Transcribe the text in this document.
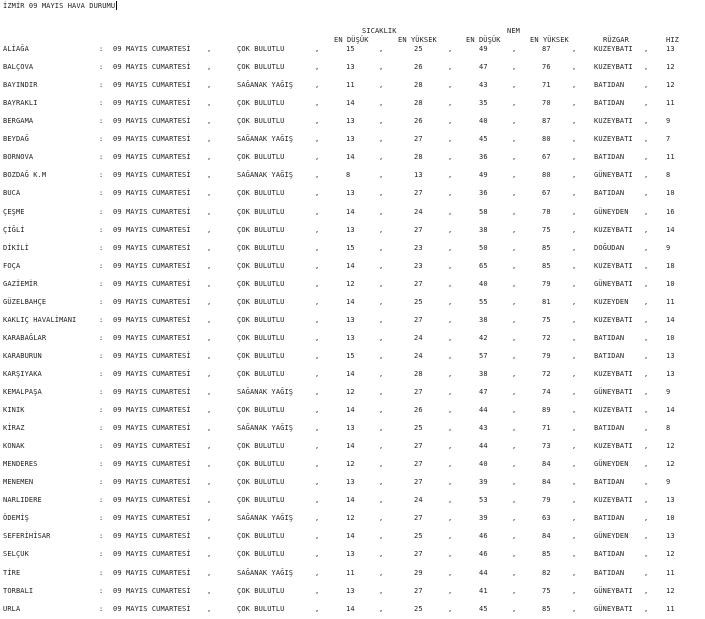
İZMİR 09 MAYIS HAVA DURUMU
SICAKLIK	NEM
EN DÜŞÜK	EN YÜKSEK	EN DÜŞÜK	EN YÜKSEK	RÜZGAR	HIZ
ALİAĞA	: 09 MAYIS CUMARTESİ ,	ÇOK BULUTLU	,	15	,	25	,	49	,	87	,	KUZEYBATI ,	13
BALÇOVA	: 09 MAYIS CUMARTESİ ,	ÇOK BULUTLU	,	13	,	26	,	47	,	76	,	KUZEYBATI ,	12
BAYINDIR	: 09 MAYIS CUMARTESİ ,	SAĞANAK YAĞIŞ	,	11	,	28	,	43	,	71	,	BATIDAN	,	12
BAYRAKLI	: 09 MAYIS CUMARTESİ ,	ÇOK BULUTLU	,	14	,	28	,	35	,	70	,	BATIDAN	,	11
BERGAMA	: 09 MAYIS CUMARTESİ ,	ÇOK BULUTLU	,	13	,	26	,	40	,	87	,	KUZEYBATI ,	9
BEYDAĞ	: 09 MAYIS CUMARTESİ ,	SAĞANAK YAĞIŞ	,	13	,	27	,	45	,	80	,	KUZEYBATI ,	7
BORNOVA	: 09 MAYIS CUMARTESİ ,	ÇOK BULUTLU	,	14	,	28	,	36	,	67	,	BATIDAN	,	11
BOZDAĞ K.M	: 09 MAYIS CUMARTESİ ,	SAĞANAK YAĞIŞ	,	8	,	13	,	49	,	80	,	GÜNEYBATI ,	8
BUCA	: 09 MAYIS CUMARTESİ ,	ÇOK BULUTLU	,	13	,	27	,	36	,	67	,	BATIDAN	,	10
ÇEŞME	: 09 MAYIS CUMARTESİ ,	ÇOK BULUTLU	,	14	,	24	,	58	,	78	,	GÜNEYDEN ,	16
ÇİĞLİ	: 09 MAYIS CUMARTESİ ,	ÇOK BULUTLU	,	13	,	27	,	38	,	75	,	KUZEYBATI ,	14
DİKİLİ	: 09 MAYIS CUMARTESİ ,	ÇOK BULUTLU	,	15	,	23	,	50	,	85	,	DOĞUDAN	,	9
FOÇA	: 09 MAYIS CUMARTESİ ,	ÇOK BULUTLU	,	14	,	23	,	65	,	85	,	KUZEYBATI ,	18
GAZİEMİR	: 09 MAYIS CUMARTESİ ,	ÇOK BULUTLU	,	12	,	27	,	40	,	79	,	GÜNEYBATI ,	10
GÜZELBAHÇE	: 09 MAYIS CUMARTESİ ,	ÇOK BULUTLU	,	14	,	25	,	55	,	81	,	KUZEYDEN ,	11
KAKLIÇ HAVALİMANI	: 09 MAYIS CUMARTESİ ,	ÇOK BULUTLU	,	13	,	27	,	38	,	75	,	KUZEYBATI ,	14
KARABAĞLAR	: 09 MAYIS CUMARTESİ ,	ÇOK BULUTLU	,	13	,	24	,	42	,	72	,	BATIDAN	,	10
KARABURUN	: 09 MAYIS CUMARTESİ ,	ÇOK BULUTLU	,	15	,	24	,	57	,	79	,	BATIDAN	,	13
KARŞIYAKA	: 09 MAYIS CUMARTESİ ,	ÇOK BULUTLU	,	14	,	28	,	38	,	72	,	KUZEYBATI ,	13
KEMALPAŞA	: 09 MAYIS CUMARTESİ ,	SAĞANAK YAĞIŞ	,	12	,	27	,	47	,	74	,	GÜNEYBATI ,	9
KINIK	: 09 MAYIS CUMARTESİ ,	ÇOK BULUTLU	,	14	,	26	,	44	,	89	,	KUZEYBATI ,	14
KİRAZ	: 09 MAYIS CUMARTESİ ,	SAĞANAK YAĞIŞ	,	13	,	25	,	43	,	71	,	BATIDAN	,	8
KONAK	: 09 MAYIS CUMARTESİ ,	ÇOK BULUTLU	,	14	,	27	,	44	,	73	,	KUZEYBATI ,	12
MENDERES	: 09 MAYIS CUMARTESİ ,	ÇOK BULUTLU	,	12	,	27	,	40	,	84	,	GÜNEYDEN ,	12
MENEMEN	: 09 MAYIS CUMARTESİ ,	ÇOK BULUTLU	,	13	,	27	,	39	,	84	,	BATIDAN	,	9
NARLIDERE	: 09 MAYIS CUMARTESİ ,	ÇOK BULUTLU	,	14	,	24	,	53	,	79	,	KUZEYBATI ,	13
ÖDEMİŞ	: 09 MAYIS CUMARTESİ ,	SAĞANAK YAĞIŞ	,	12	,	27	,	39	,	63	,	BATIDAN	,	10
SEFERİHİSAR	: 09 MAYIS CUMARTESİ ,	ÇOK BULUTLU	,	14	,	25	,	46	,	84	,	GÜNEYDEN ,	13
SELÇUK	: 09 MAYIS CUMARTESİ ,	ÇOK BULUTLU	,	13	,	27	,	46	,	85	,	BATIDAN	,	12
TİRE	: 09 MAYIS CUMARTESİ ,	SAĞANAK YAĞIŞ	,	11	,	29	,	44	,	82	,	BATIDAN	,	11
TORBALI	: 09 MAYIS CUMARTESİ ,	ÇOK BULUTLU	,	13	,	27	,	41	,	75	,	GÜNEYBATI ,	12
URLA	: 09 MAYIS CUMARTESİ ,	ÇOK BULUTLU	,	14	,	25	,	45	,	85	,	GÜNEYBATI ,	11
